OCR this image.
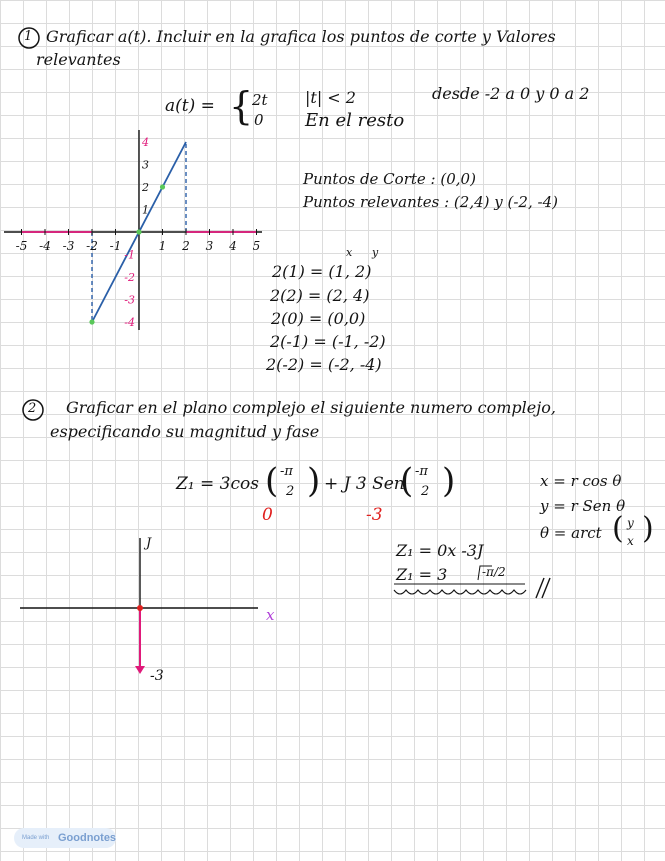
1 Graficar a(t). Incluir en la grafica los puntos de corte y Valores
relevantes
a(t) = {
2t
0
|t| < 2
En el resto
desde -2 a 0 y 0 a 2
Puntos de Corte : (0,0)
Puntos relevantes : (2,4) y (-2, -4)
x y
2(1) = (1, 2)
2(2) = (2, 4)
2(0) = (0,0)
2(-1) = (-1, -2)
2(-2) = (-2, -4)
-5 -4 -3 -2 -1	1 2 3 4 5
1
2
3
4
-1
-2
-3
-4
2 Graficar en el plano complejo el siguiente numero complejo,
especificando su magnitud y fase
Z₁ = 3cos ( -π
2 ) + J 3 Sen
( -π
2 )
0	-3
x = r cos θ
y = r Sen θ
θ = arct ( y
x )
Z₁ = 0x -3J
Z₁ = 3	-π/2
J
x
-3
Made with Goodnotes
